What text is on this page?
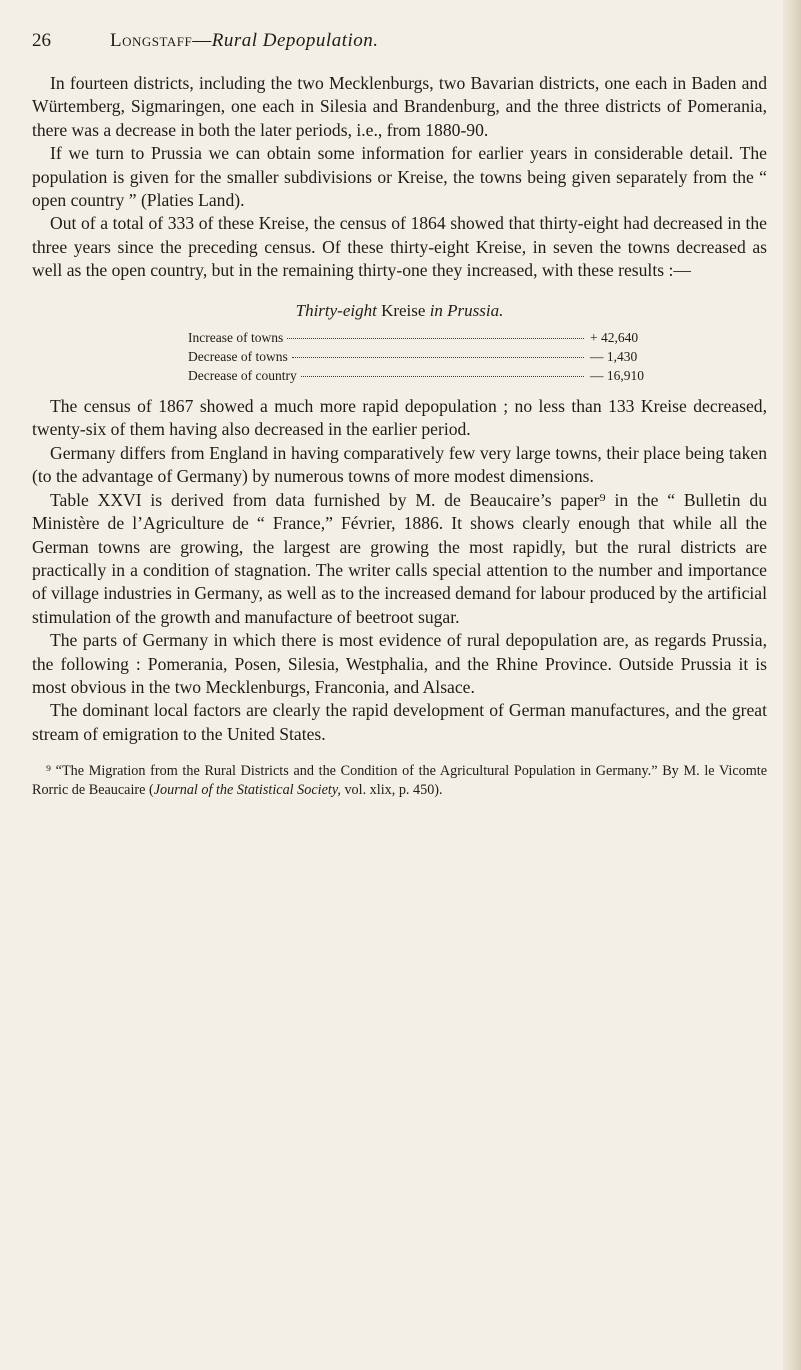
26	Longstaff—Rural Depopulation.

In fourteen districts, including the two Mecklenburgs, two Bavarian districts, one each in Baden and Würtemberg, Sigmaringen, one each in Silesia and Brandenburg, and the three districts of Pomerania, there was a decrease in both the later periods, i.e., from 1880-90.

If we turn to Prussia we can obtain some information for earlier years in considerable detail. The population is given for the smaller subdivisions or Kreise, the towns being given separately from the “ open country ” (Platies Land).

Out of a total of 333 of these Kreise, the census of 1864 showed that thirty-eight had decreased in the three years since the preceding census. Of these thirty-eight Kreise, in seven the towns decreased as well as the open country, but in the remaining thirty-one they increased, with these results :—

Thirty-eight Kreise in Prussia.
Increase of towns	+ 42,640
Decrease of towns	— 1,430
Decrease of country	— 16,910

The census of 1867 showed a much more rapid depopulation ; no less than 133 Kreise decreased, twenty-six of them having also decreased in the earlier period.

Germany differs from England in having comparatively few very large towns, their place being taken (to the advantage of Germany) by numerous towns of more modest dimensions.

Table XXVI is derived from data furnished by M. de Beaucaire’s paper⁹ in the “ Bulletin du Ministère de l’Agriculture de “ France,” Février, 1886. It shows clearly enough that while all the German towns are growing, the largest are growing the most rapidly, but the rural districts are practically in a condition of stagnation. The writer calls special attention to the number and importance of village industries in Germany, as well as to the increased demand for labour produced by the artificial stimulation of the growth and manufacture of beetroot sugar.

The parts of Germany in which there is most evidence of rural depopulation are, as regards Prussia, the following : Pomerania, Posen, Silesia, Westphalia, and the Rhine Province. Outside Prussia it is most obvious in the two Mecklenburgs, Franconia, and Alsace.

The dominant local factors are clearly the rapid development of German manufactures, and the great stream of emigration to the United States.

⁹ “The Migration from the Rural Districts and the Condition of the Agricultural Population in Germany.” By M. le Vicomte Rorric de Beaucaire (Journal of the Statistical Society, vol. xlix, p. 450).
